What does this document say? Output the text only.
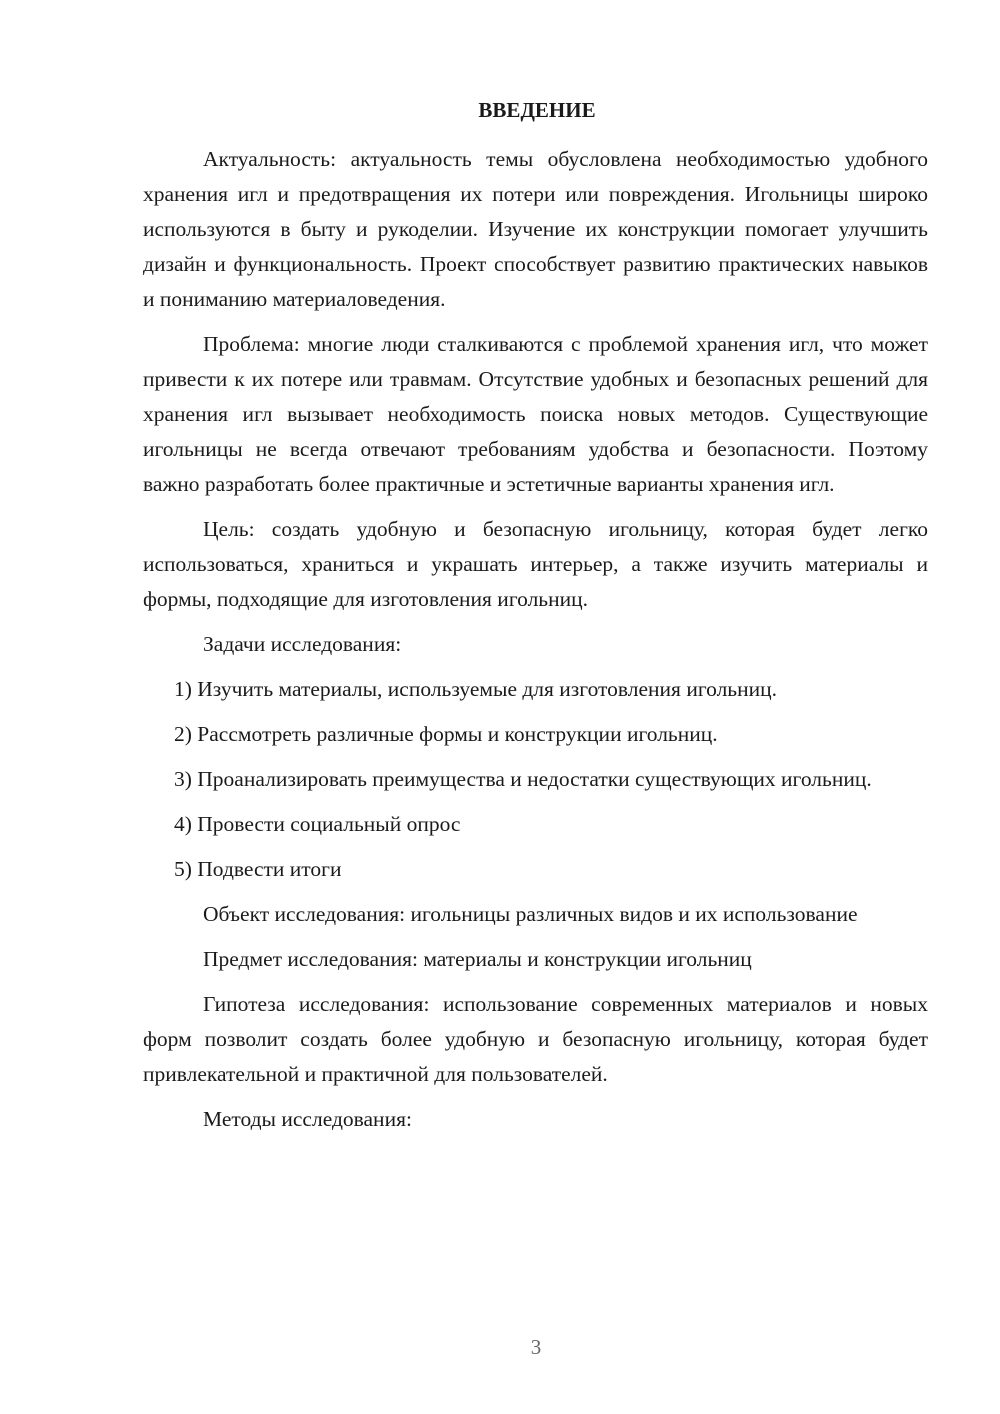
ВВЕДЕНИЕ

Актуальность: актуальность темы обусловлена необходимостью удобного хранения игл и предотвращения их потери или повреждения. Игольницы широко используются в быту и рукоделии. Изучение их конструкции помогает улучшить дизайн и функциональность. Проект способствует развитию практических навыков и пониманию материаловедения.

Проблема: многие люди сталкиваются с проблемой хранения игл, что может привести к их потере или травмам. Отсутствие удобных и безопасных решений для хранения игл вызывает необходимость поиска новых методов. Существующие игольницы не всегда отвечают требованиям удобства и безопасности. Поэтому важно разработать более практичные и эстетичные варианты хранения игл.

Цель: создать удобную и безопасную игольницу, которая будет легко использоваться, храниться и украшать интерьер, а также изучить материалы и формы, подходящие для изготовления игольниц.

Задачи исследования:

1) Изучить материалы, используемые для изготовления игольниц.

2) Рассмотреть различные формы и конструкции игольниц.

3) Проанализировать преимущества и недостатки существующих игольниц.

4) Провести социальный опрос

5) Подвести итоги

Объект исследования: игольницы различных видов и их использование

Предмет исследования: материалы и конструкции игольниц

Гипотеза исследования: использование современных материалов и новых форм позволит создать более удобную и безопасную игольницу, которая будет привлекательной и практичной для пользователей.

Методы исследования:

3
